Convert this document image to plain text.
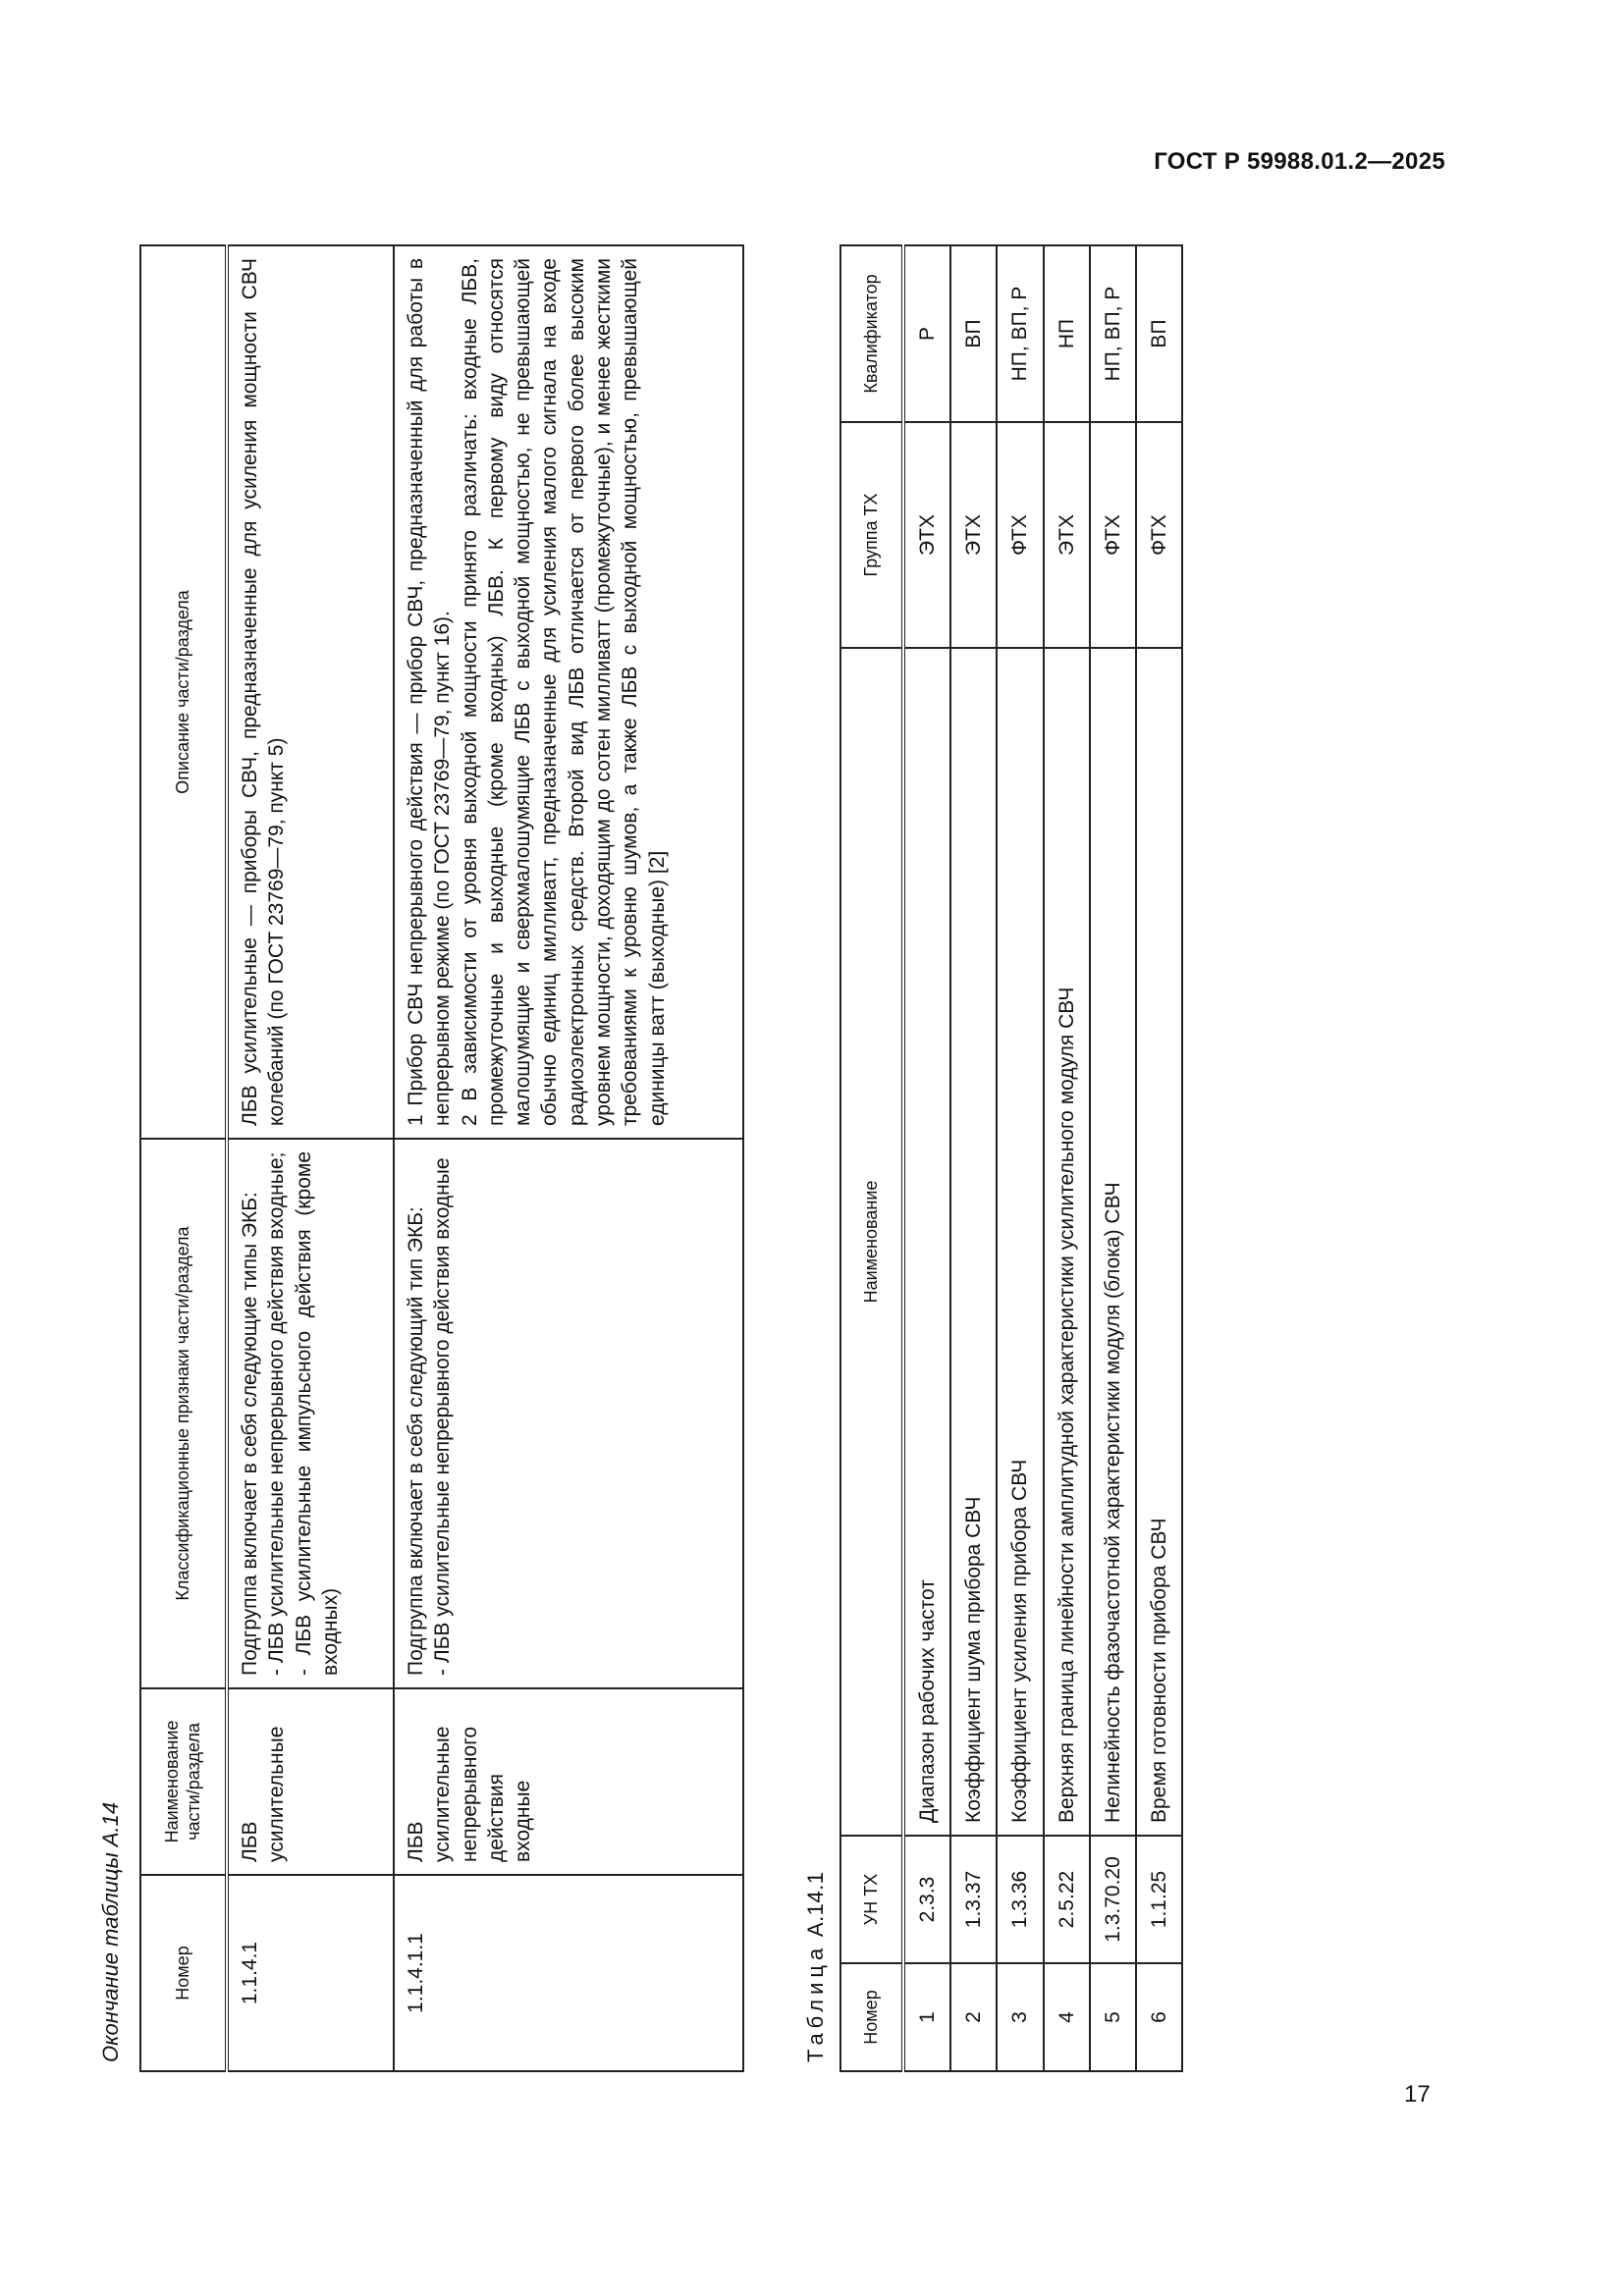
ГОСТ Р 59988.01.2—2025
Окончание таблицы А.14	Номер	Наименование части/раздела	Классификационные признаки части/раздела	Описание части/раздела
1.1.4.1	ЛБВ усилительные	Подгруппа включает в себя следующие типы ЭКБ:
- ЛБВ усилительные непрерывного действия входные;
- ЛБВ усилительные импульсного действия (кроме входных)	ЛБВ усилительные — приборы СВЧ, предназначенные для усиления мощности СВЧ колебаний (по ГОСТ 23769—79, пункт 5)
1.1.4.1.1	ЛБВ усилительные непрерывного действия входные	Подгруппа включает в себя следующий тип ЭКБ:
- ЛБВ усилительные непрерывного действия входные	1 Прибор СВЧ непрерывного действия — прибор СВЧ, предназначенный для работы в непрерывном режиме (по ГОСТ 23769—79, пункт 16).
2 В зависимости от уровня выходной мощности принято различать: входные ЛБВ, промежуточные и выходные (кроме входных) ЛБВ. К первому виду относятся малошумящие и сверхмалошумящие ЛБВ с выходной мощностью, не превышающей обычно единиц милливатт, предназначенные для усиления малого сигнала на входе радиоэлектронных средств. Второй вид ЛБВ отличается от первого более высоким уровнем мощности, доходящим до сотен милливатт (промежуточные), и менее жесткими требованиями к уровню шумов, а также ЛБВ с выходной мощностью, превышающей единицы ватт (выходные) [2]
Таблица А.14.1
Номер	УН ТХ	Наименование	Группа ТХ	Квалификатор
1	2.3.3	Диапазон рабочих частот	ЭТХ	Р
2	1.3.37	Коэффициент шума прибора СВЧ	ЭТХ	ВП
3	1.3.36	Коэффициент усиления прибора СВЧ	ФТХ	НП, ВП, Р
4	2.5.22	Верхняя граница линейности амплитудной характеристики усилительного модуля СВЧ	ЭТХ	НП
5	1.3.70.20	Нелинейность фазочастотной характеристики модуля (блока) СВЧ	ФТХ	НП, ВП, Р
6	1.1.25	Время готовности прибора СВЧ	ФТХ	ВП
17
